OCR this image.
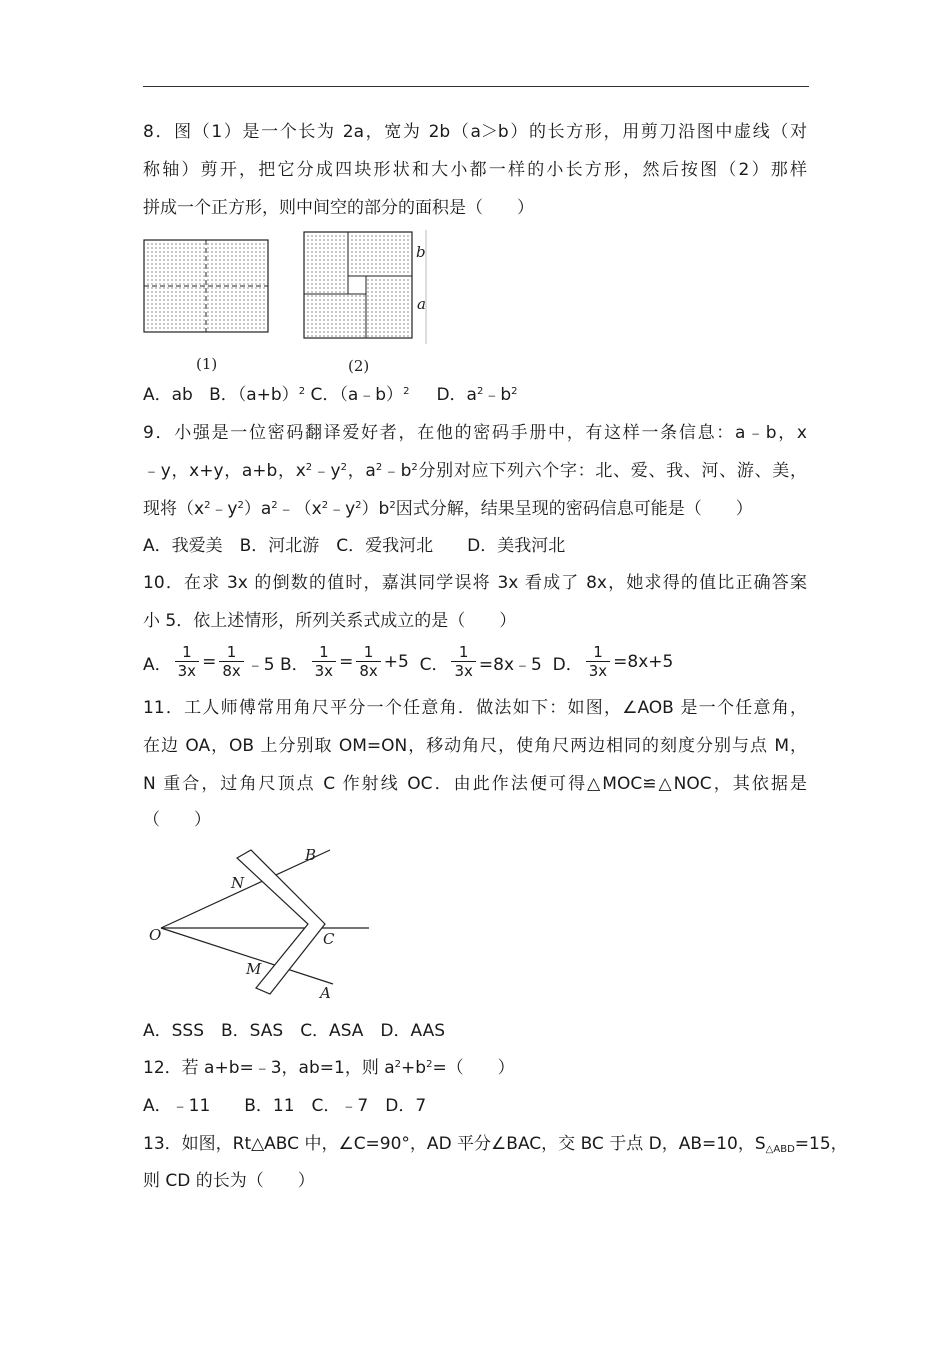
8．图（1）是一个长为 2a，宽为 2b（a＞b）的长方形，用剪刀沿图中虚线（对
称轴）剪开，把它分成四块形状和大小都一样的小长方形，然后按图（2）那样
拼成一个正方形，则中间空的部分的面积是（　　）
b
a
(1)	(2)
A．ab B．$(a+b)^2$ C．（a﹣b）$^2$ D．$a^2﹣b^2$
9．小强是一位密码翻译爱好者，在他的密码手册中，有这样一条信息：a﹣b，x
﹣y，x+y，a+b，$x^2﹣y^2$，$a^2﹣b^2$分别对应下列六个字：北、爱、我、河、游、美，
现将$(x^2﹣y^2)a^2﹣(x^2﹣y^2)b^2$因式分解，结果呈现的密码信息可能是（　　）
A．我爱美　B．河北游　C．爱我河北　　D．美我河北
10．在求 3x 的倒数的值时，嘉淇同学误将 3x 看成了 8x，她求得的值比正确答案
小 5．依上述情形，所列关系式成立的是（　　）
A． $\frac{1}{3x} = \frac{1}{8x}$ ﹣5
B． $\frac{1}{3x} = \frac{1}{8x} +5$
C． $\frac{1}{3x}$ =8x﹣5
D． $\frac{1}{3x} =8x+5$
11．工人师傅常用角尺平分一个任意角．做法如下：如图，∠AOB 是一个任意角，
在边 OA，OB 上分别取 OM=ON，移动角尺，使角尺两边相同的刻度分别与点 M，
N 重合，过角尺顶点 C 作射线 OC．由此作法便可得△MOC≌△NOC，其依据是
（　　）
O
N
B
C
M
A
A．SSS　B．SAS　C．ASA　D．AAS
12．若 a+b=﹣3，ab=1，则 $a^2+b^2=$（　　）
A．﹣11　　B．11　C．﹣7　D．7
13．如图，Rt△ABC 中，∠C=90°，AD 平分∠BAC，交 BC 于点 D，AB=10，$S_{\triangle ABD}=15$，
则 CD 的长为（　　）
